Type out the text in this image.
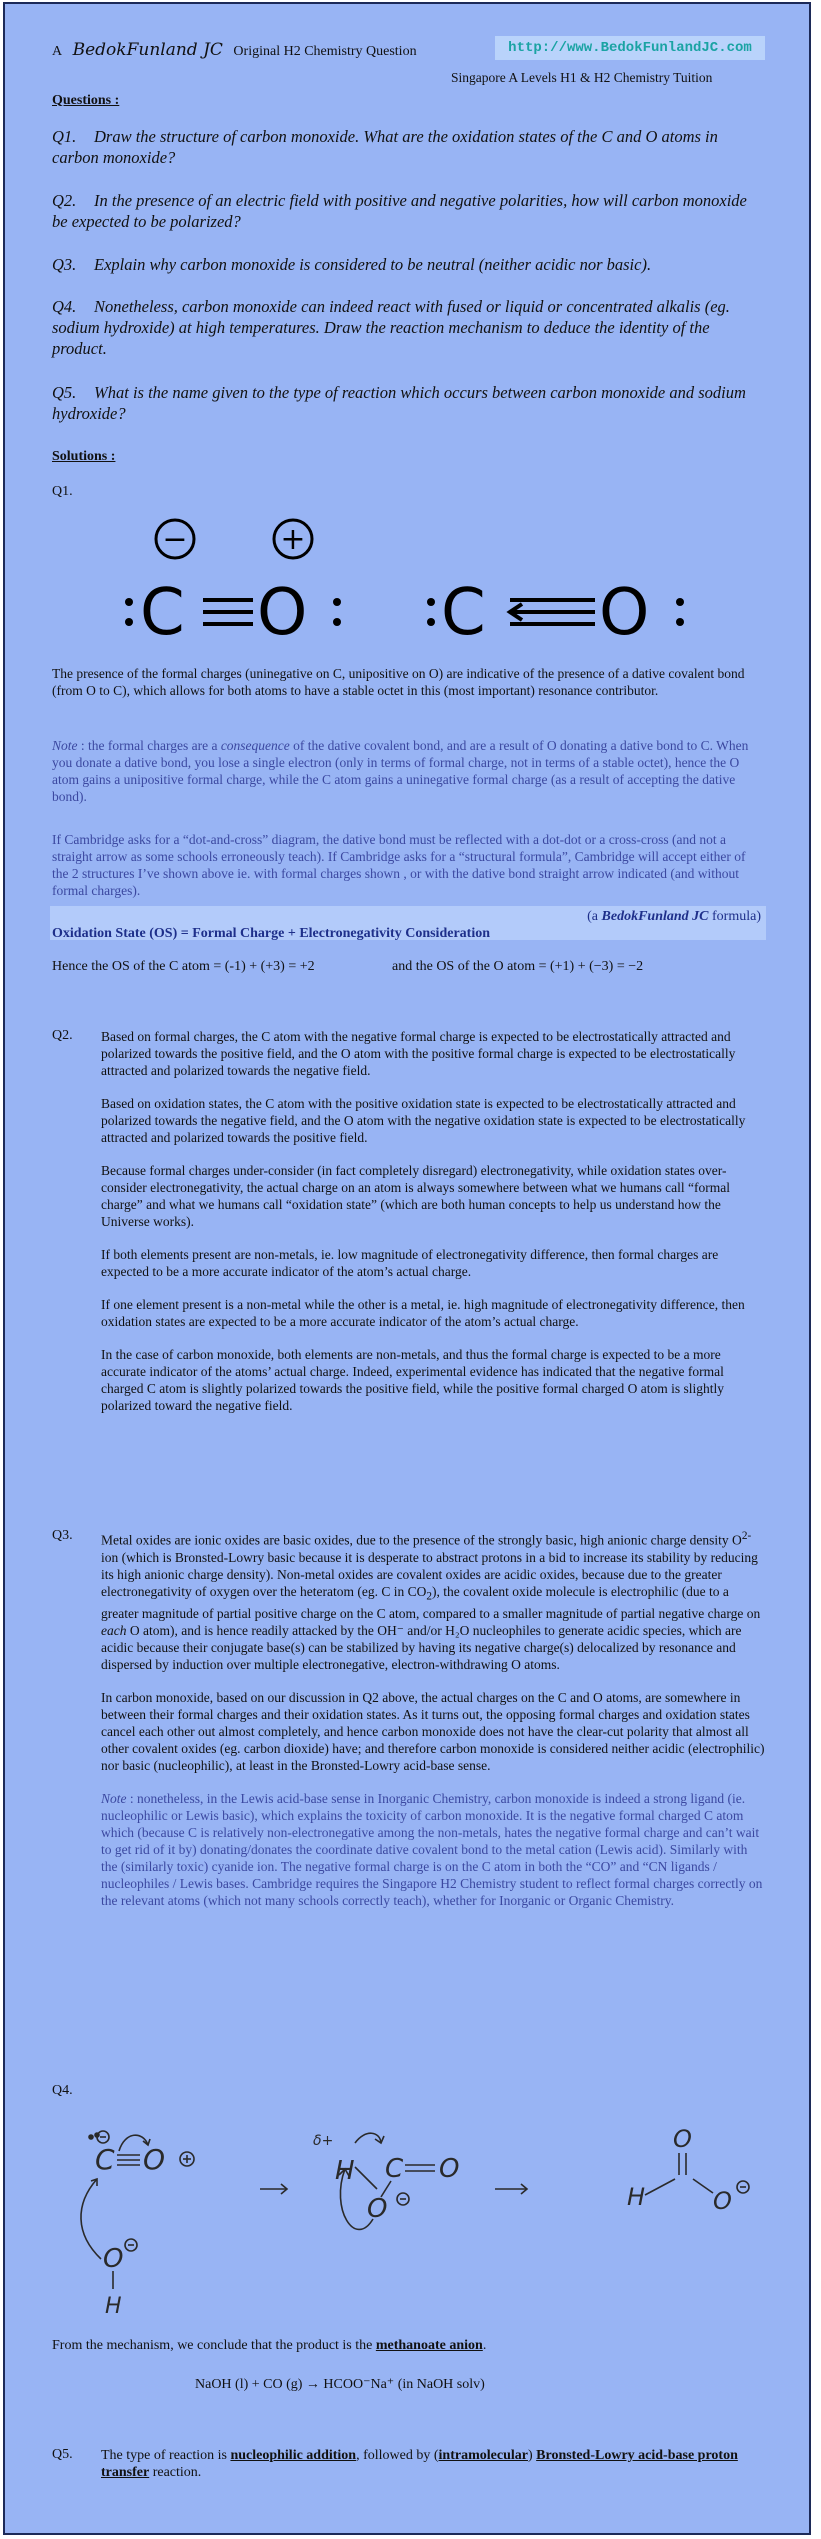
A BedokFunland JC Original H2 Chemistry Question	http://www.BedokFunlandJC.com
Singapore A Levels H1 & H2 Chemistry Tuition
Questions :
Q1. Draw the structure of carbon monoxide. What are the oxidation states of the C and O atoms in carbon monoxide?
Q2. In the presence of an electric field with positive and negative polarities, how will carbon monoxide be expected to be polarized?
Q3. Explain why carbon monoxide is considered to be neutral (neither acidic nor basic).
Q4. Nonetheless, carbon monoxide can indeed react with fused or liquid or concentrated alkalis (eg. sodium hydroxide) at high temperatures. Draw the reaction mechanism to deduce the identity of the product.
Q5. What is the name given to the type of reaction which occurs between carbon monoxide and sodium hydroxide?
Solutions :
Q1.
−	+
C O C O
The presence of the formal charges (uninegative on C, unipositive on O) are indicative of the presence of a dative covalent bond (from O to C), which allows for both atoms to have a stable octet in this (most important) resonance contributor.
Note : the formal charges are a consequence of the dative covalent bond, and are a result of O donating a dative bond to C. When you donate a dative bond, you lose a single electron (only in terms of formal charge, not in terms of a stable octet), hence the O atom gains a unipositive formal charge, while the C atom gains a uninegative formal charge (as a result of accepting the dative bond).
If Cambridge asks for a “dot-and-cross” diagram, the dative bond must be reflected with a dot-dot or a cross-cross (and not a straight arrow as some schools erroneously teach). If Cambridge asks for a “structural formula”, Cambridge will accept either of the 2 structures I’ve shown above ie. with formal charges shown , or with the dative bond straight arrow indicated (and without formal charges).
(a BedokFunland JC formula)
Oxidation State (OS) = Formal Charge + Electronegativity Consideration
Hence the OS of the C atom = (-1) + (+3) = +2	and the OS of the O atom = (+1) + (−3) = −2
Q2. Based on formal charges, the C atom with the negative formal charge is expected to be electrostatically attracted and polarized towards the positive field, and the O atom with the positive formal charge is expected to be electrostatically attracted and polarized towards the negative field.

Based on oxidation states, the C atom with the positive oxidation state is expected to be electrostatically attracted and polarized towards the negative field, and the O atom with the negative oxidation state is expected to be electrostatically attracted and polarized towards the positive field.

Because formal charges under-consider (in fact completely disregard) electronegativity, while oxidation states over-consider electronegativity, the actual charge on an atom is always somewhere between what we humans call “formal charge” and what we humans call “oxidation state” (which are both human concepts to help us understand how the Universe works).

If both elements present are non-metals, ie. low magnitude of electronegativity difference, then formal charges are expected to be a more accurate indicator of the atom’s actual charge.

If one element present is a non-metal while the other is a metal, ie. high magnitude of electronegativity difference, then oxidation states are expected to be a more accurate indicator of the atom’s actual charge.

In the case of carbon monoxide, both elements are non-metals, and thus the formal charge is expected to be a more accurate indicator of the atoms’ actual charge. Indeed, experimental evidence has indicated that the negative formal charged C atom is slightly polarized towards the positive field, while the positive formal charged O atom is slightly polarized toward the negative field.

Q3. Metal oxides are ionic oxides are basic oxides, due to the presence of the strongly basic, high anionic charge density $O^{2-}$ ion (which is Bronsted-Lowry basic because it is desperate to abstract protons in a bid to increase its stability by reducing its high anionic charge density). Non-metal oxides are covalent oxides are acidic oxides, because due to the greater electronegativity of oxygen over the heteratom (eg. C in $CO_2$), the covalent oxide molecule is electrophilic (due to a greater magnitude of partial positive charge on the C atom, compared to a smaller magnitude of partial negative charge on each O atom), and is hence readily attacked by the OH⁻ and/or H₂O nucleophiles to generate acidic species, which are acidic because their conjugate base(s) can be stabilized by having its negative charge(s) delocalized by resonance and dispersed by induction over multiple electronegative, electron-withdrawing O atoms.

In carbon monoxide, based on our discussion in Q2 above, the actual charges on the C and O atoms, are somewhere in between their formal charges and their oxidation states. As it turns out, the opposing formal charges and oxidation states cancel each other out almost completely, and hence carbon monoxide does not have the clear-cut polarity that almost all other covalent oxides (eg. carbon dioxide) have; and therefore carbon monoxide is considered neither acidic (electrophilic) nor basic (nucleophilic), at least in the Bronsted-Lowry acid-base sense.

Note : nonetheless, in the Lewis acid-base sense in Inorganic Chemistry, carbon monoxide is indeed a strong ligand (ie. nucleophilic or Lewis basic), which explains the toxicity of carbon monoxide. It is the negative formal charged C atom which (because C is relatively non-electronegative among the non-metals, hates the negative formal charge and can’t wait to get rid of it by) donating/donates the coordinate dative covalent bond to the metal cation (Lewis acid). Similarly with the (similarly toxic) cyanide ion. The negative formal charge is on the C atom in both the “CO” and “CN ligands / nucleophiles / Lewis bases. Cambridge requires the Singapore H2 Chemistry student to reflect formal charges correctly on the relevant atoms (which not many schools correctly teach), whether for Inorganic or Organic Chemistry.

Q4.
C O
O
H
δ+
H C O
O
O
H	O
From the mechanism, we conclude that the product is the methanoate anion.
NaOH (l) + CO (g) → HCOO⁻Na⁺ (in NaOH solv)
Q5. The type of reaction is nucleophilic addition, followed by (intramolecular) Bronsted-Lowry acid-base proton transfer reaction.
